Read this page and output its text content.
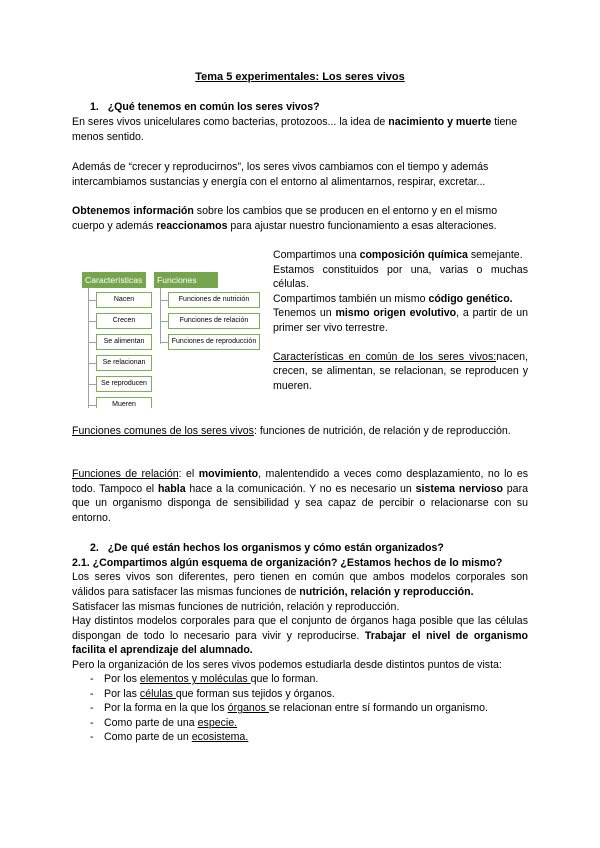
Tema 5 experimentales: Los seres vivos
1. ¿Qué tenemos en común los seres vivos?
En seres vivos unicelulares como bacterias, protozoos... la idea de nacimiento y muerte tiene menos sentido.
Además de “crecer y reproducirnos”, los seres vivos cambiamos con el tiempo y además intercambiamos sustancias y energía con el entorno al alimentarnos, respirar, excretar...
Obtenemos información sobre los cambios que se producen en el entorno y en el mismo cuerpo y además reaccionamos para ajustar nuestro funcionamiento a esas alteraciones.
Características	Funciones
Nacen
Crecen
Se alimentan
Se relacionan
Se reproducen
Mueren
Funciones de nutrición
Funciones de relación
Funciones de reproducción
Compartimos una composición química semejante.
Estamos constituidos por una, varias o muchas células.
Compartimos también un mismo código genético.
Tenemos un mismo origen evolutivo, a partir de un primer ser vivo terrestre.
Características en común de los seres vivos:nacen, crecen, se alimentan, se relacionan, se reproducen y mueren.
Funciones comunes de los seres vivos: funciones de nutrición, de relación y de reproducción.
Funciones de relación: el movimiento, malentendido a veces como desplazamiento, no lo es todo. Tampoco el habla hace a la comunicación. Y no es necesario un sistema nervioso para que un organismo disponga de sensibilidad y sea capaz de percibir o relacionarse con su entorno.
2. ¿De qué están hechos los organismos y cómo están organizados?
2.1. ¿Compartimos algún esquema de organización? ¿Estamos hechos de lo mismo?
Los seres vivos son diferentes, pero tienen en común que ambos modelos corporales son válidos para satisfacer las mismas funciones de nutrición, relación y reproducción.
Satisfacer las mismas funciones de nutrición, relación y reproducción.
Hay distintos modelos corporales para que el conjunto de órganos haga posible que las células dispongan de todo lo necesario para vivir y reproducirse. Trabajar el nivel de organismo facilita el aprendizaje del alumnado.
Pero la organización de los seres vivos podemos estudiarla desde distintos puntos de vista:
- Por los elementos y moléculas que lo forman.
- Por las células que forman sus tejidos y órganos.
- Por la forma en la que los órganos se relacionan entre sí formando un organismo.
- Como parte de una especie.
- Como parte de un ecosistema.
